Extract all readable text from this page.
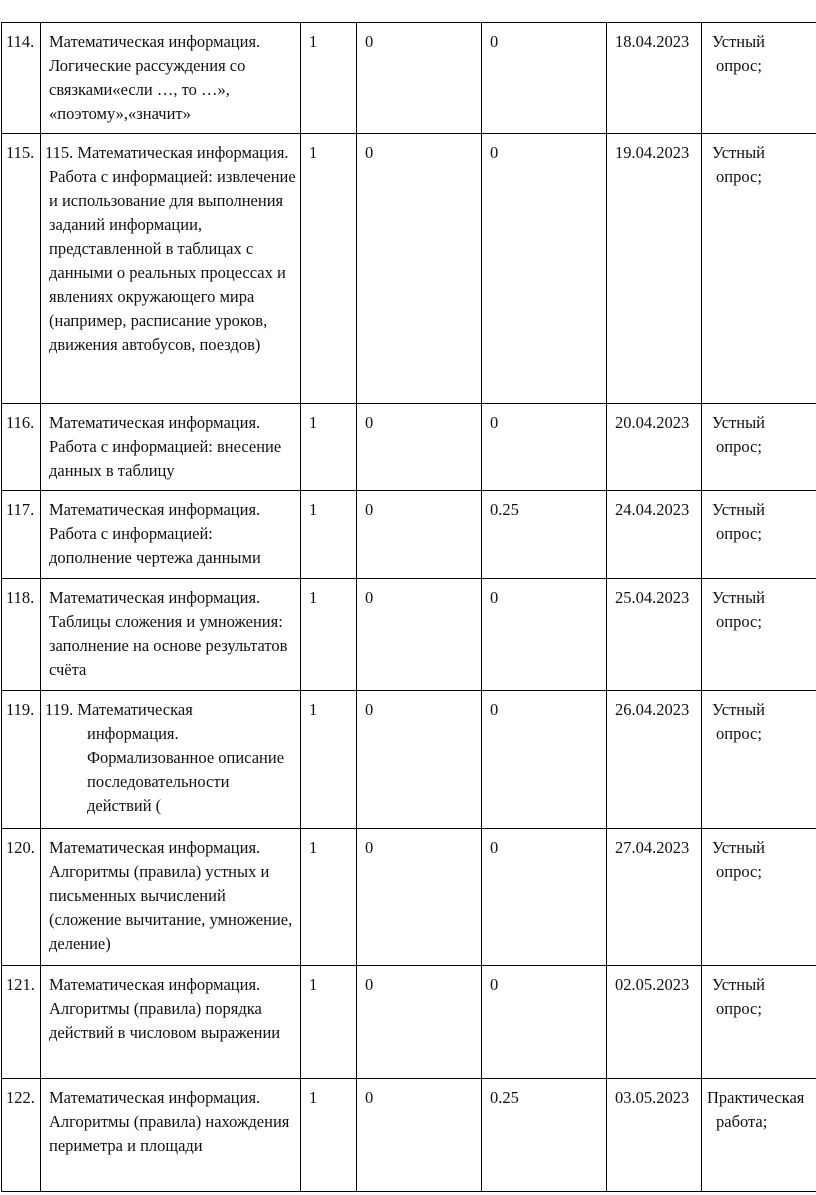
114.	Математическая информация. Логические рассуждения со связками«если …, то …», «поэтому»,«значит»	1	0	0	18.04.2023	Устный
опрос;

115.	115. Математическая информация.
Работа с информацией: извлечение и использование для выполнения заданий информации, представленной в таблицах с данными о реальных процессах и явлениях окружающего мира (например, расписание уроков, движения автобусов, поездов)	1	0	0	19.04.2023	Устный
опрос;

116.	Математическая информация. Работа с информацией: внесение данных в таблицу	1	0	0	20.04.2023	Устный
опрос;

117.	Математическая информация. Работа с информацией: дополнение чертежа данными	1	0	0.25	24.04.2023	Устный
опрос;

118.	Математическая информация. Таблицы сложения и умножения: заполнение на основе результатов счёта	1	0	0	25.04.2023	Устный
опрос;

119.	119. Математическая
информация. Формализованное описание последовательности действий (	1	0	0	26.04.2023	Устный
опрос;

120.	Математическая информация. Алгоритмы (правила) устных и письменных вычислений (сложение вычитание, умножение, деление)	1	0	0	27.04.2023	Устный
опрос;

121.	Математическая информация. Алгоритмы (правила) порядка действий в числовом выражении	1	0	0	02.05.2023	Устный
опрос;

122.	Математическая информация. Алгоритмы (правила) нахождения периметра и площади	1	0	0.25	03.05.2023	Практическая
работа;
